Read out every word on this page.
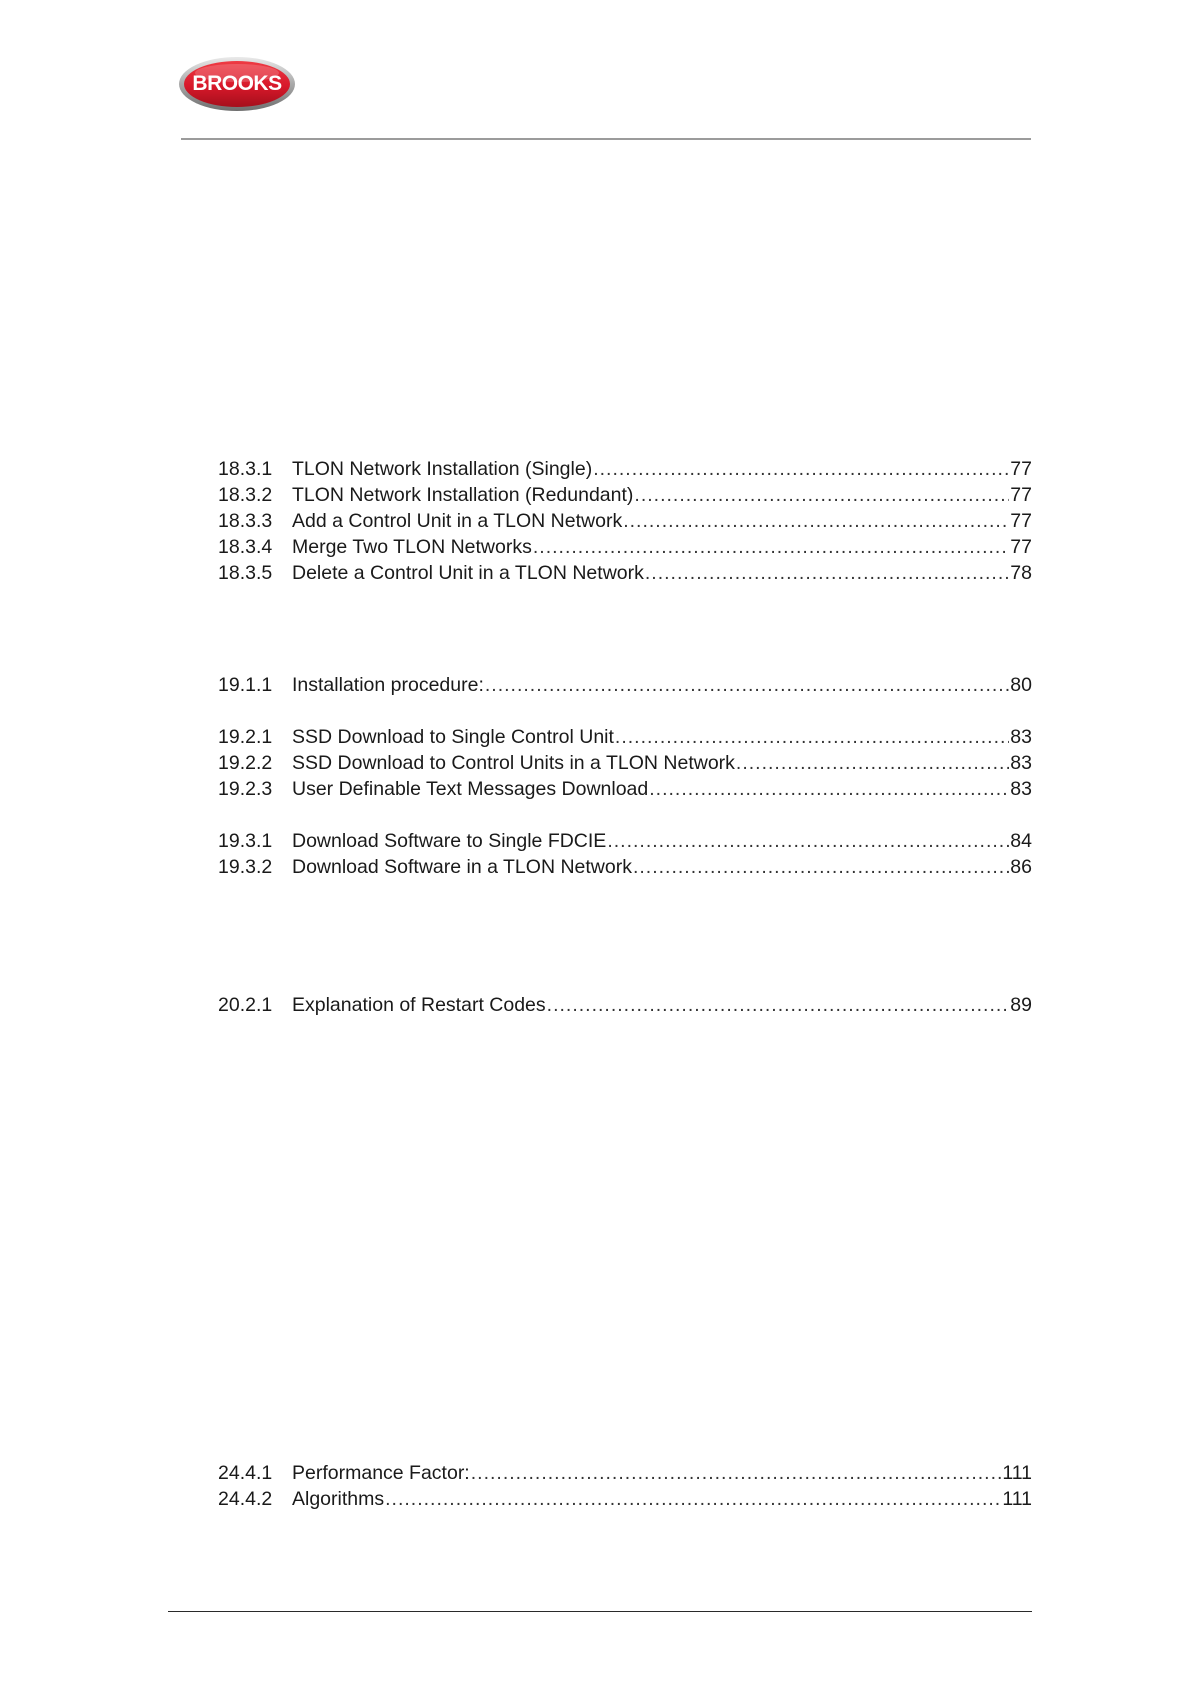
BROOKS
18.3.1	TLON Network Installation (Single) .....	77
18.3.2	TLON Network Installation (Redundant) .....	77
18.3.3	Add a Control Unit in a TLON Network .....	77
18.3.4	Merge Two TLON Networks .....	77
18.3.5	Delete a Control Unit in a TLON Network .....	78
19.1.1	Installation procedure: .....	80
19.2.1	SSD Download to Single Control Unit .....	83
19.2.2	SSD Download to Control Units in a TLON Network .....	83
19.2.3	User Definable Text Messages Download .....	83
19.3.1	Download Software to Single FDCIE .....	84
19.3.2	Download Software in a TLON Network .....	86
20.2.1	Explanation of Restart Codes .....	89
24.4.1	Performance Factor: .....	111
24.4.2	Algorithms .....	111
